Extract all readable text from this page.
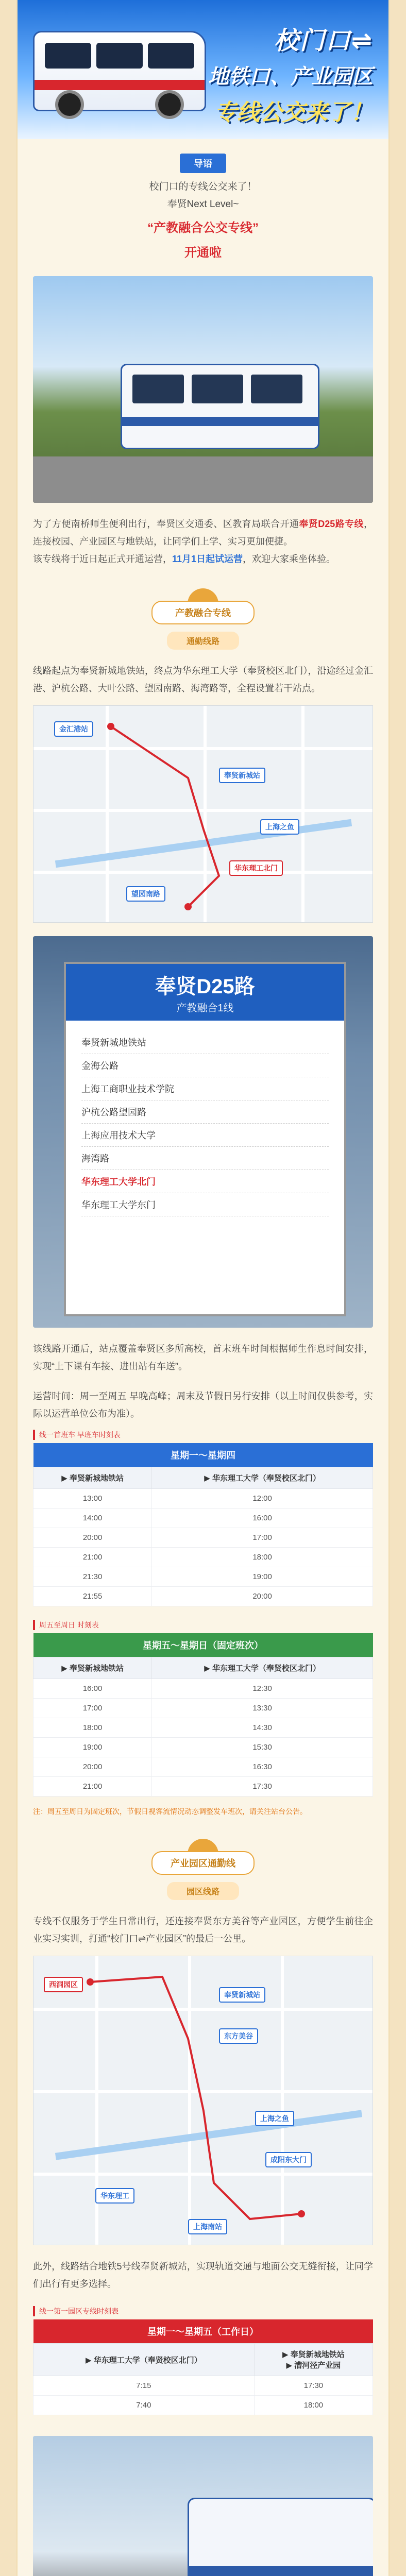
校门口⇌
地铁口、产业园区
专线公交来了！
导语
校门口的专线公交来了！
奉贤Next Level~
“产教融合公交专线”
开通啦
为了方便南桥师生便利出行，奉贤区交通委、区教育局联合开通奉贤D25路专线，连接校园、产业园区与地铁站，让同学们上学、实习更加便捷。
该专线将于近日起正式开通运营，11月1日起试运营，欢迎大家乘坐体验。
产教融合专线
通勤线路
线路起点为奉贤新城地铁站，终点为华东理工大学（奉贤校区北门），沿途经过金汇港、沪杭公路、大叶公路、望园南路、海湾路等，全程设置若干站点。
金汇港站
奉贤新城站
华东理工北门
上海之鱼
望园南路
奉贤D25路
产教融合1线
奉贤新城地铁站
金海公路
上海工商职业技术学院
沪杭公路望园路
上海应用技术大学
海湾路
华东理工大学北门
华东理工大学东门
该线路开通后，站点覆盖奉贤区多所高校，首末班车时间根据师生作息时间安排，实现“上下课有车接、进出站有车送”。
运营时间：周一至周五 早晚高峰；周末及节假日另行安排（以上时间仅供参考，实际以运营单位公布为准）。
线一首班车 早班车时刻表
星期一～星期四	
▶ 奉贤新城地铁站	▶ 华东理工大学（奉贤校区北门）
13:00	12:00
14:00	16:00
20:00	17:00
21:00	18:00
21:30	19:00
21:55	20:00
周五至周日 时刻表
星期五～星期日（固定班次）	
▶ 奉贤新城地铁站	▶ 华东理工大学（奉贤校区北门）
16:00	12:30
17:00	13:30
18:00	14:30
19:00	15:30
20:00	16:30
21:00	17:30
注：周五至周日为固定班次，节假日视客流情况动态调整发车班次，请关注站台公告。
产业园区通勤线
园区线路
专线不仅服务于学生日常出行，还连接奉贤东方美谷等产业园区，方便学生前往企业实习实训，打通“校门口⇌产业园区”的最后一公里。
西洞园区
华东理工
东方美谷
上海之鱼
奉贤新城站
成阳东大门
上海南站
此外，线路结合地铁5号线奉贤新城站，实现轨道交通与地面公交无缝衔接，让同学们出行有更多选择。
线一第一园区专线时刻表
星期一～星期五（工作日）	
▶ 华东理工大学（奉贤校区北门）	▶ 奉贤新城地铁站
▶ 漕河泾产业园

7:15	17:30
7:40	18:00
